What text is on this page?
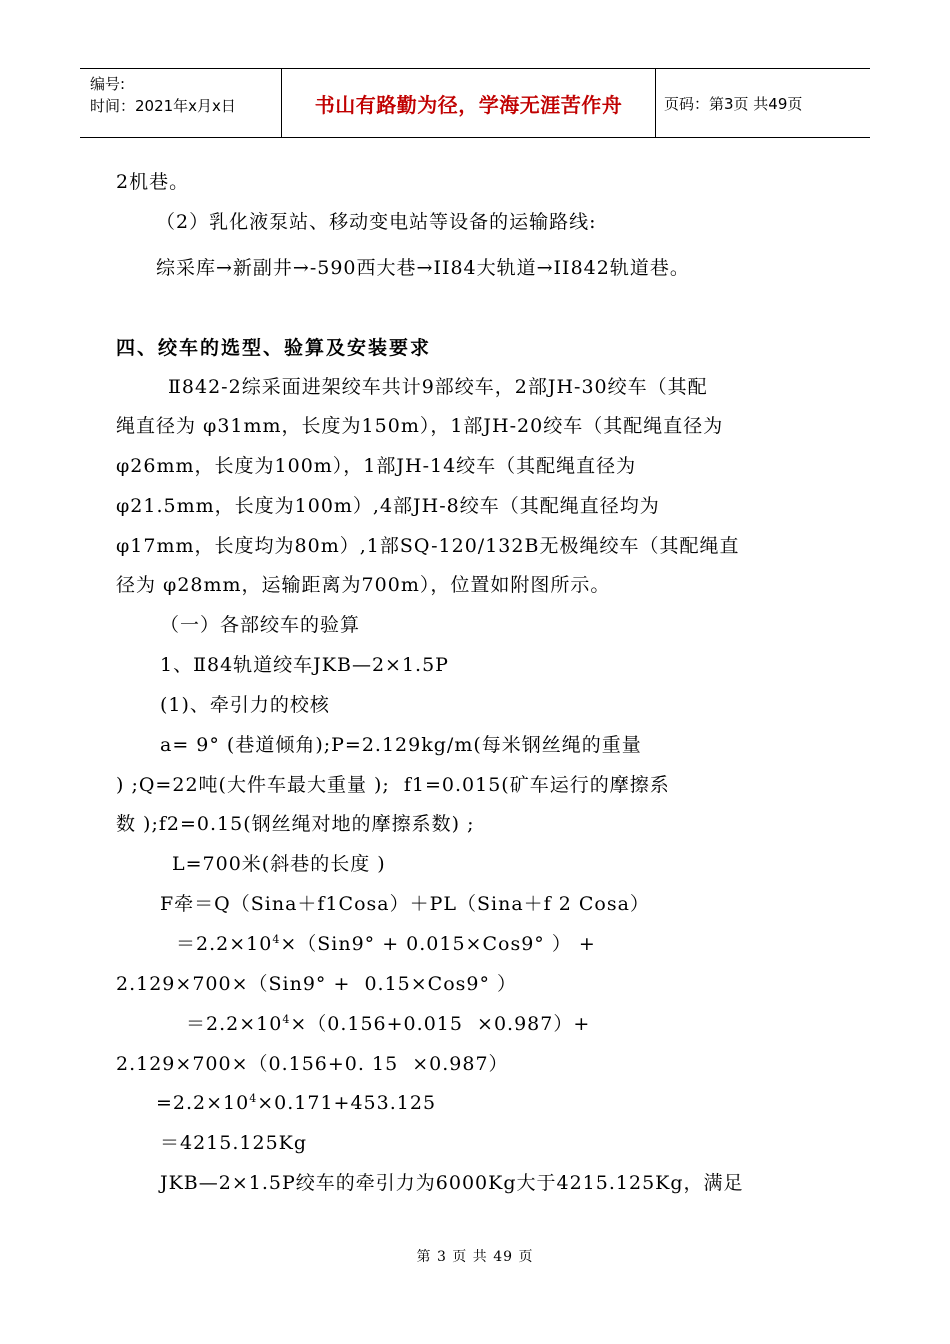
编号:
时间：2021年x月x日	书山有路勤为径，学海无涯苦作舟	页码：第3页 共49页
2机巷。
（2）乳化液泵站、移动变电站等设备的运输路线:
综采库→新副井→-590西大巷→II84大轨道→II842轨道巷。
四、绞车的选型、验算及安装要求
Ⅱ842-2综采面进架绞车共计9部绞车，2部JH-30绞车（其配
绳直径为 φ31mm，长度为150m），1部JH-20绞车（其配绳直径为
φ26mm，长度为100m），1部JH-14绞车（其配绳直径为
φ21.5mm，长度为100m）,4部JH-8绞车（其配绳直径均为
φ17mm，长度均为80m）,1部SQ-120/132B无极绳绞车（其配绳直
径为 φ28mm，运输距离为700m），位置如附图所示。
（一）各部绞车的验算
1、Ⅱ84轨道绞车JKB—2×1.5P
(1)、牵引力的校核
a= 9° (巷道倾角);P=2.129kg/m(每米钢丝绳的重量
) ;Q=22吨(大件车最大重量 );  f1=0.015(矿车运行的摩擦系
数 );f2=0.15(钢丝绳对地的摩擦系数) ;
L=700米(斜巷的长度 )
F牵＝Q（Sina＋f1Cosa）＋PL（Sina＋f 2 Cosa）
$=2.2\times 10^4\times(Sin9^\circ + 0.015\times Cos9^\circ$ ） +
2.129×700×（Sin9° +  0.15×Cos9° ）
$=2.2\times 10^4\times(0.156+0.015 \times 0.987)+$
2.129×700×（0.156+0. 15  ×0.987）
$=2.2\times 10^4\times 0.171+453.125$
＝4215.125Kg
JKB—2×1.5P绞车的牵引力为6000Kg大于4215.125Kg，满足
第 3 页 共 49 页
